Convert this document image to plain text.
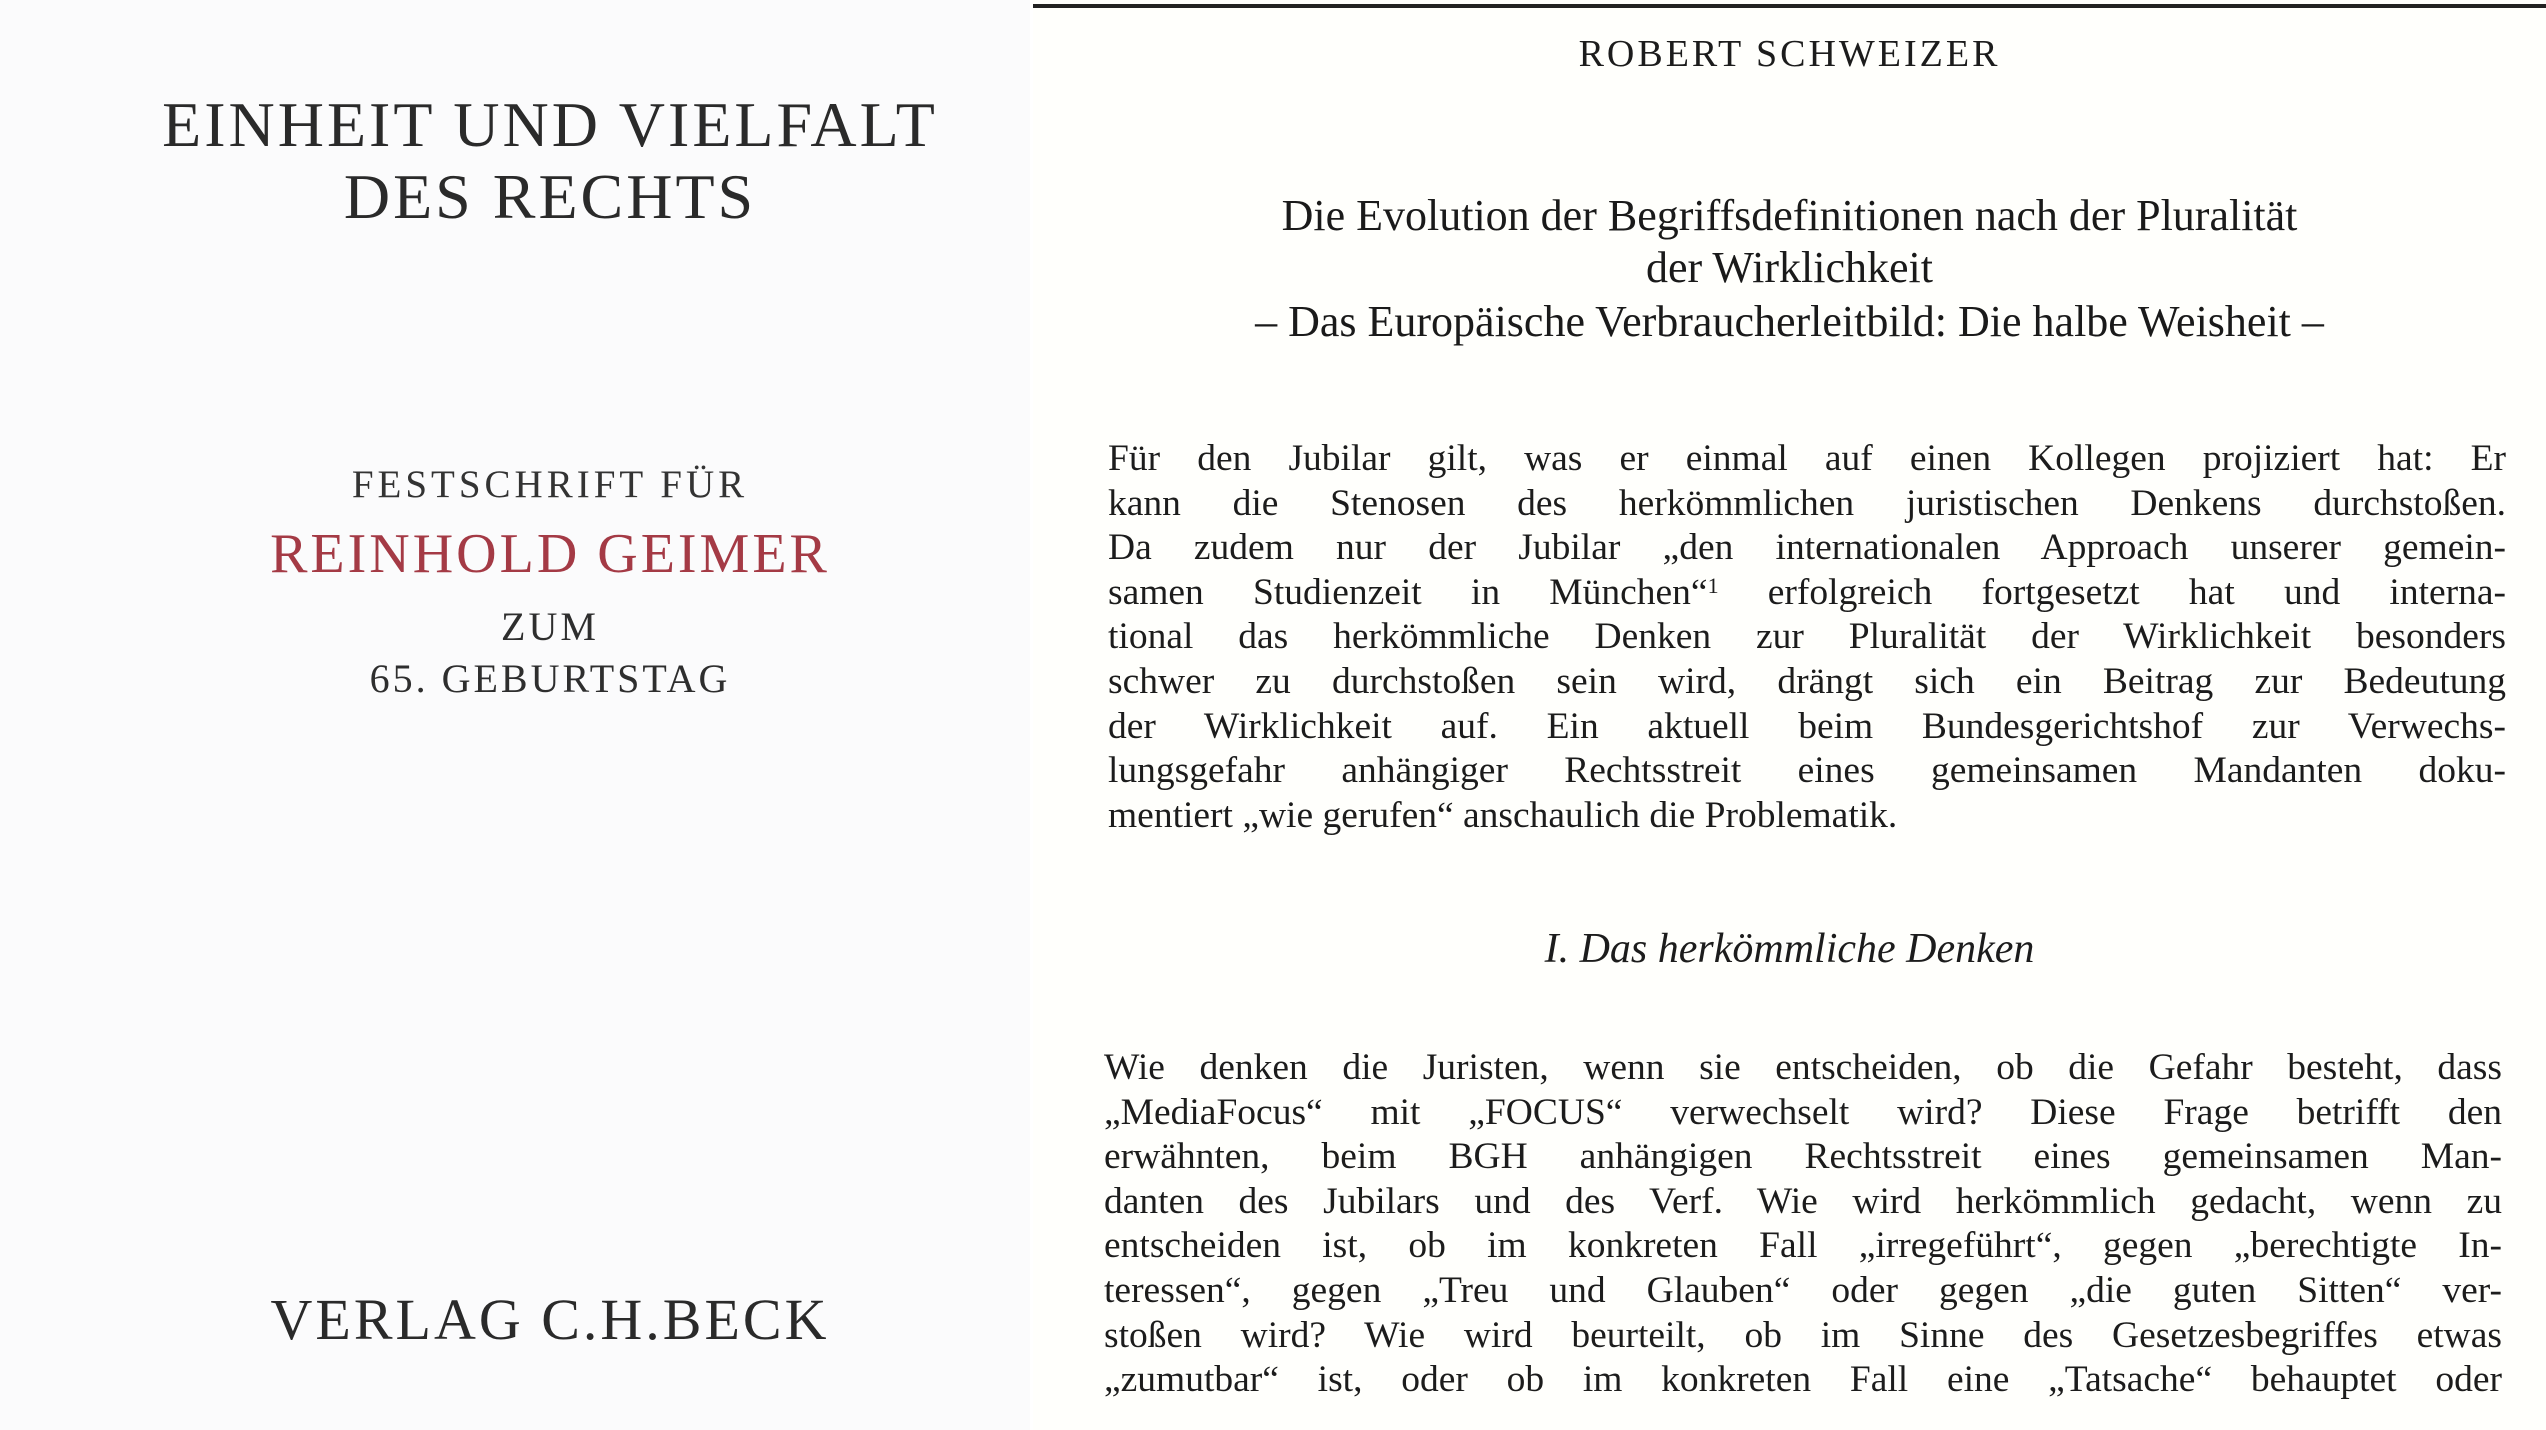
EINHEIT UND VIELFALT
DES RECHTS
FESTSCHRIFT FÜR
REINHOLD GEIMER
ZUM
65. GEBURTSTAG
VERLAG C.H.BECK
ROBERT SCHWEIZER
Die Evolution der Begriffsdefinitionen nach der Pluralität
der Wirklichkeit
– Das Europäische Verbraucherleitbild: Die halbe Weisheit –
Für den Jubilar gilt, was er einmal auf einen Kollegen projiziert hat: Er
kann die Stenosen des herkömmlichen juristischen Denkens durchstoßen.
Da zudem nur der Jubilar „den internationalen Approach unserer gemein-
samen Studienzeit in München“$^1$ erfolgreich fortgesetzt hat und interna-
tional das herkömmliche Denken zur Pluralität der Wirklichkeit besonders
schwer zu durchstoßen sein wird, drängt sich ein Beitrag zur Bedeutung
der Wirklichkeit auf. Ein aktuell beim Bundesgerichtshof zur Verwechs-
lungsgefahr anhängiger Rechtsstreit eines gemeinsamen Mandanten doku-
mentiert „wie gerufen“ anschaulich die Problematik.
I. Das herkömmliche Denken
Wie denken die Juristen, wenn sie entscheiden, ob die Gefahr besteht, dass
„MediaFocus“ mit „FOCUS“ verwechselt wird? Diese Frage betrifft den
erwähnten, beim BGH anhängigen Rechtsstreit eines gemeinsamen Man-
danten des Jubilars und des Verf. Wie wird herkömmlich gedacht, wenn zu
entscheiden ist, ob im konkreten Fall „irregeführt“, gegen „berechtigte In-
teressen“, gegen „Treu und Glauben“ oder gegen „die guten Sitten“ ver-
stoßen wird? Wie wird beurteilt, ob im Sinne des Gesetzesbegriffes etwas
„zumutbar“ ist, oder ob im konkreten Fall eine „Tatsache“ behauptet oder
